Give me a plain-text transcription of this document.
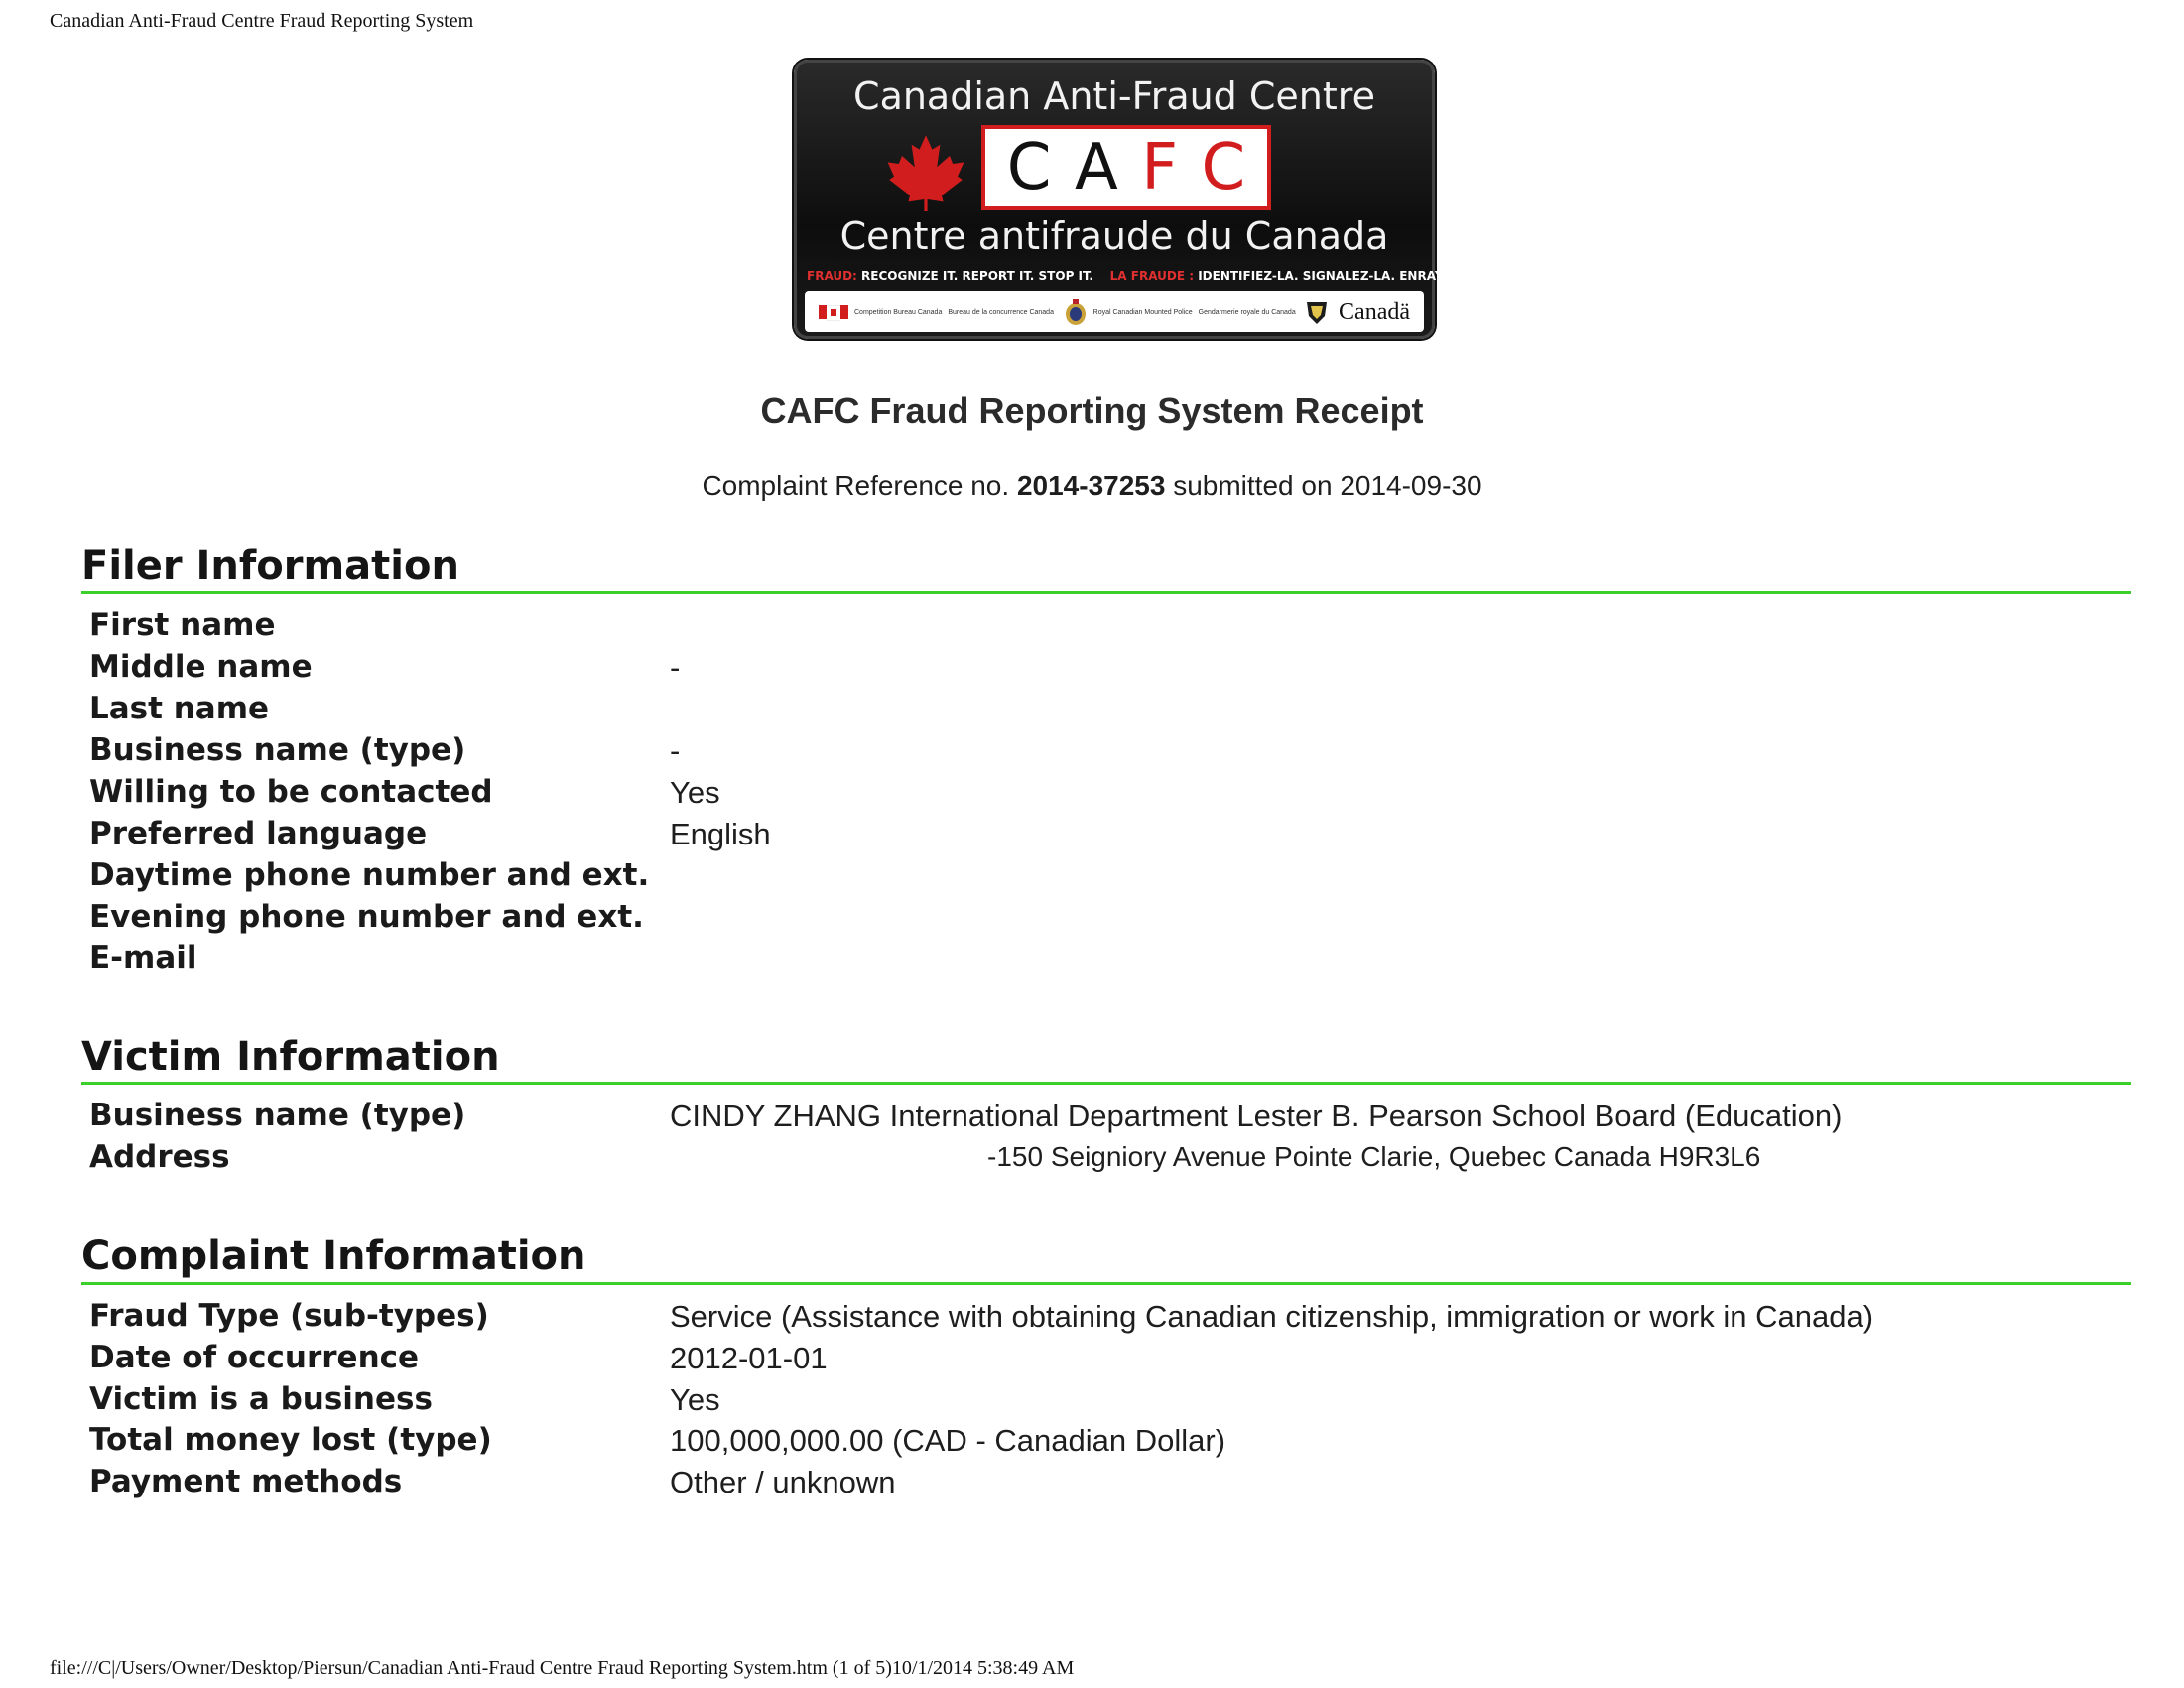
Canadian Anti-Fraud Centre Fraud Reporting System
Canadian Anti-Fraud Centre
C A F C
Centre antifraude du Canada
FRAUD: RECOGNIZE IT. REPORT IT. STOP IT. LA FRAUDE : IDENTIFIEZ-LA. SIGNALEZ-LA. ENRAYEZ-LA.
Competition Bureau Canada Bureau de la concurrence Canada	Royal Canadian Mounted Police Gendarmerie royale du Canada Canadä
CAFC Fraud Reporting System Receipt
Complaint Reference no. 2014-37253 submitted on 2014-09-30
Filer Information
First name
Middle name	-
Last name
Business name (type)	-
Willing to be contacted	Yes
Preferred language	English
Daytime phone number and ext.
Evening phone number and ext.
E-mail
Victim Information
Business name (type)	CINDY ZHANG International Department Lester B. Pearson School Board (Education)
Address	-150 Seigniory Avenue Pointe Clarie, Quebec Canada H9R3L6
Complaint Information
Fraud Type (sub-types)	Service (Assistance with obtaining Canadian citizenship, immigration or work in Canada)
Date of occurrence	2012-01-01
Victim is a business	Yes
Total money lost (type)	100,000,000.00 (CAD - Canadian Dollar)
Payment methods	Other / unknown
file:///C|/Users/Owner/Desktop/Piersun/Canadian Anti-Fraud Centre Fraud Reporting System.htm (1 of 5)10/1/2014 5:38:49 AM
